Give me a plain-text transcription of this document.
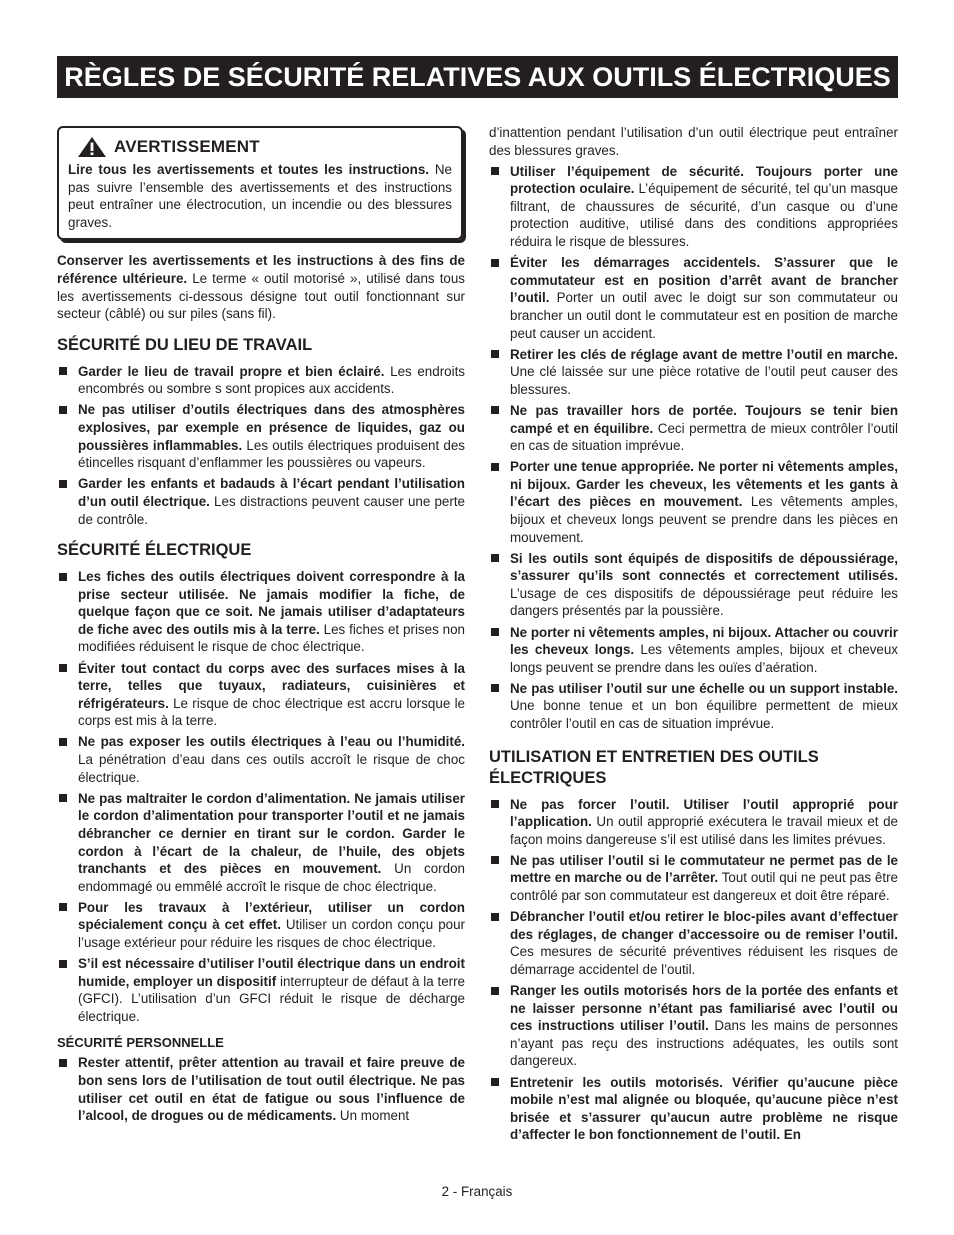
RÈGLES DE SÉCURITÉ RELATIVES AUX OUTILS ÉLECTRIQUES
AVERTISSEMENT
Lire tous les avertissements et toutes les instructions. Ne pas suivre l’ensemble des avertissements et des instructions peut entraîner une électrocution, un incendie ou des blessures graves.

Conserver les avertissements et les instructions à des fins de référence ultérieure. Le terme « outil motorisé », utilisé dans tous les avertissements ci-dessous désigne tout outil fonctionnant sur secteur (câblé) ou sur piles (sans fil).

SÉCURITÉ DU LIEU DE TRAVAIL
Garder le lieu de travail propre et bien éclairé. Les endroits encombrés ou sombre s sont propices aux accidents.
Ne pas utiliser d’outils électriques dans des atmosphères explosives, par exemple en présence de liquides, gaz ou poussières inflammables. Les outils électriques produisent des étincelles risquant d’enflammer les poussières ou vapeurs.
Garder les enfants et badauds à l’écart pendant l’utilisation d’un outil électrique. Les distractions peuvent causer une perte de contrôle.
SÉCURITÉ ÉLECTRIQUE
Les fiches des outils électriques doivent correspondre à la prise secteur utilisée. Ne jamais modifier la fiche, de quelque façon que ce soit. Ne jamais utiliser d’adaptateurs de fiche avec des outils mis à la terre. Les fiches et prises non modifiées réduisent le risque de choc électrique.
Éviter tout contact du corps avec des surfaces mises à la terre, telles que tuyaux, radiateurs, cuisinières et réfrigérateurs. Le risque de choc électrique est accru lorsque le corps est mis à la terre.
Ne pas exposer les outils électriques à l’eau ou l’humidité. La pénétration d’eau dans ces outils accroît le risque de choc électrique.
Ne pas maltraiter le cordon d’alimentation. Ne jamais utiliser le cordon d’alimentation pour transporter l’outil et ne jamais débrancher ce dernier en tirant sur le cordon. Garder le cordon à l’écart de la chaleur, de l’huile, des objets tranchants et des pièces en mouvement. Un cordon endommagé ou emmêlé accroît le risque de choc électrique.
Pour les travaux à l’extérieur, utiliser un cordon spécialement conçu à cet effet. Utiliser un cordon conçu pour l’usage extérieur pour réduire les risques de choc électrique.
S’il est nécessaire d’utiliser l’outil électrique dans un endroit humide, employer un dispositif interrupteur de défaut à la terre (GFCI). L’utilisation d’un GFCI réduit le risque de décharge électrique.
SÉCURITÉ PERSONNELLE
Rester attentif, prêter attention au travail et faire preuve de bon sens lors de l’utilisation de tout outil électrique. Ne pas utiliser cet outil en état de fatigue ou sous l’influence de l’alcool, de drogues ou de médicaments. Un moment

d’inattention pendant l’utilisation d’un outil électrique peut entraîner des blessures graves.

Utiliser l’équipement de sécurité. Toujours porter une protection oculaire. L’équipement de sécurité, tel qu’un masque filtrant, de chaussures de sécurité, d’un casque ou d’une protection auditive, utilisé dans des conditions appropriées réduira le risque de blessures.
Éviter les démarrages accidentels. S’assurer que le commutateur est en position d’arrêt avant de brancher l’outil. Porter un outil avec le doigt sur son commutateur ou brancher un outil dont le commutateur est en position de marche peut causer un accident.
Retirer les clés de réglage avant de mettre l’outil en marche. Une clé laissée sur une pièce rotative de l’outil peut causer des blessures.
Ne pas travailler hors de portée. Toujours se tenir bien campé et en équilibre. Ceci permettra de mieux contrôler l’outil en cas de situation imprévue.
Porter une tenue appropriée. Ne porter ni vêtements amples, ni bijoux. Garder les cheveux, les vêtements et les gants à l’écart des pièces en mouvement. Les vêtements amples, bijoux et cheveux longs peuvent se prendre dans les pièces en mouvement.
Si les outils sont équipés de dispositifs de dépoussiérage, s’assurer qu’ils sont connectés et correctement utilisés. L’usage de ces dispositifs de dépoussiérage peut réduire les dangers présentés par la poussière.
Ne porter ni vêtements amples, ni bijoux. Attacher ou couvrir les cheveux longs. Les vêtements amples, bijoux et cheveux longs peuvent se prendre dans les ouïes d’aération.
Ne pas utiliser l’outil sur une échelle ou un support instable. Une bonne tenue et un bon équilibre permettent de mieux contrôler l’outil en cas de situation imprévue.
UTILISATION ET ENTRETIEN DES OUTILS ÉLECTRIQUES
Ne pas forcer l’outil. Utiliser l’outil approprié pour l’application. Un outil approprié exécutera le travail mieux et de façon moins dangereuse s’il est utilisé dans les limites prévues.
Ne pas utiliser l’outil si le commutateur ne permet pas de le mettre en marche ou de l’arrêter. Tout outil qui ne peut pas être contrôlé par son commutateur est dangereux et doit être réparé.
Débrancher l’outil et/ou retirer le bloc-piles avant d’effectuer des réglages, de changer d’accessoire ou de remiser l’outil. Ces mesures de sécurité préventives réduisent les risques de démarrage accidentel de l’outil.
Ranger les outils motorisés hors de la portée des enfants et ne laisser personne n’étant pas familiarisé avec l’outil ou ces instructions utiliser l’outil. Dans les mains de personnes n’ayant pas reçu des instructions adéquates, les outils sont dangereux.
Entretenir les outils motorisés. Vérifier qu’aucune pièce mobile n’est mal alignée ou bloquée, qu’aucune pièce n’est brisée et s’assurer qu’aucun autre problème ne risque d’affecter le bon fonctionnement de l’outil. En
2 - Français
